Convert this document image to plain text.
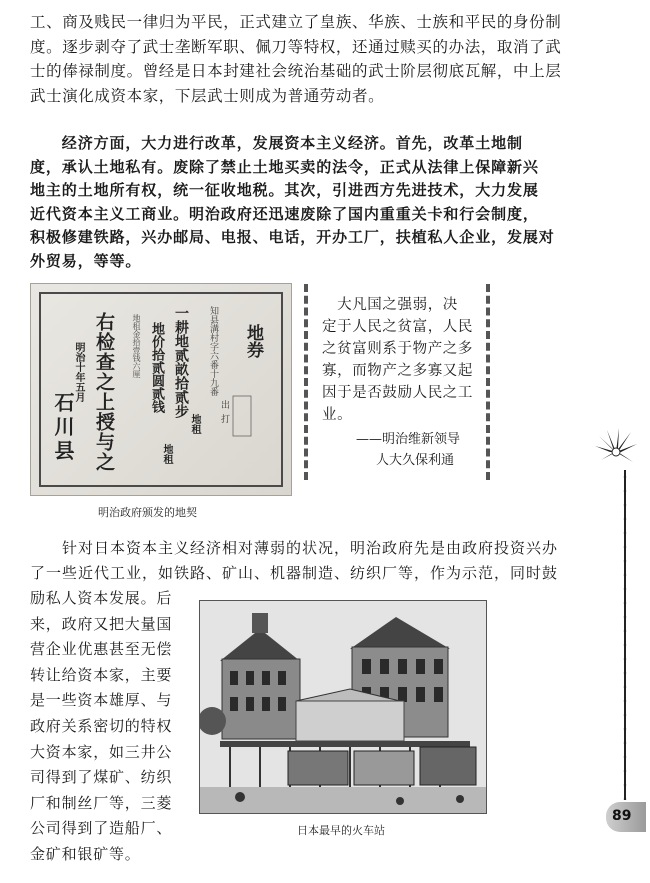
工、商及贱民一律归为平民，正式建立了皇族、华族、士族和平民的身份制
度。逐步剥夺了武士垄断军职、佩刀等特权，还通过赎买的办法，取消了武
士的俸禄制度。曾经是日本封建社会统治基础的武士阶层彻底瓦解，中上层
武士演化成资本家，下层武士则成为普通劳动者。
　　经济方面，大力进行改革，发展资本主义经济。首先，改革土地制
度，承认土地私有。废除了禁止土地买卖的法令，正式从法律上保障新兴
地主的土地所有权，统一征收地税。其次，引进西方先进技术，大力发展
近代资本主义工商业。明治政府还迅速废除了国内重重关卡和行会制度，
积极修建铁路，兴办邮局、电报、电话，开办工厂，扶植私人企业，发展对
外贸易，等等。
地券
知县溝村字六番十九番
一耕地贰畝拾贰步
地价拾贰圆贰钱
地租金拾壹钱六厘
地租
地租
右检查之上授与之
明治十年五月
石川县	出
打
明治政府颁发的地契
　大凡国之强弱，决
定于人民之贫富，人民
之贫富则系于物产之多
寡，而物产之多寡又起
因于是否鼓励人民之工
业。
——明治维新领导
人大久保利通
　　针对日本资本主义经济相对薄弱的状况，明治政府先是由政府投资兴办
了一些近代工业，如铁路、矿山、机器制造、纺织厂等，作为示范，同时鼓
励私人资本发展。后
来，政府又把大量国
营企业优惠甚至无偿
转让给资本家，主要
是一些资本雄厚、与
政府关系密切的特权
大资本家，如三井公
司得到了煤矿、纺织
厂和制丝厂等，三菱
公司得到了造船厂、
金矿和银矿等。
日本最早的火车站
89
